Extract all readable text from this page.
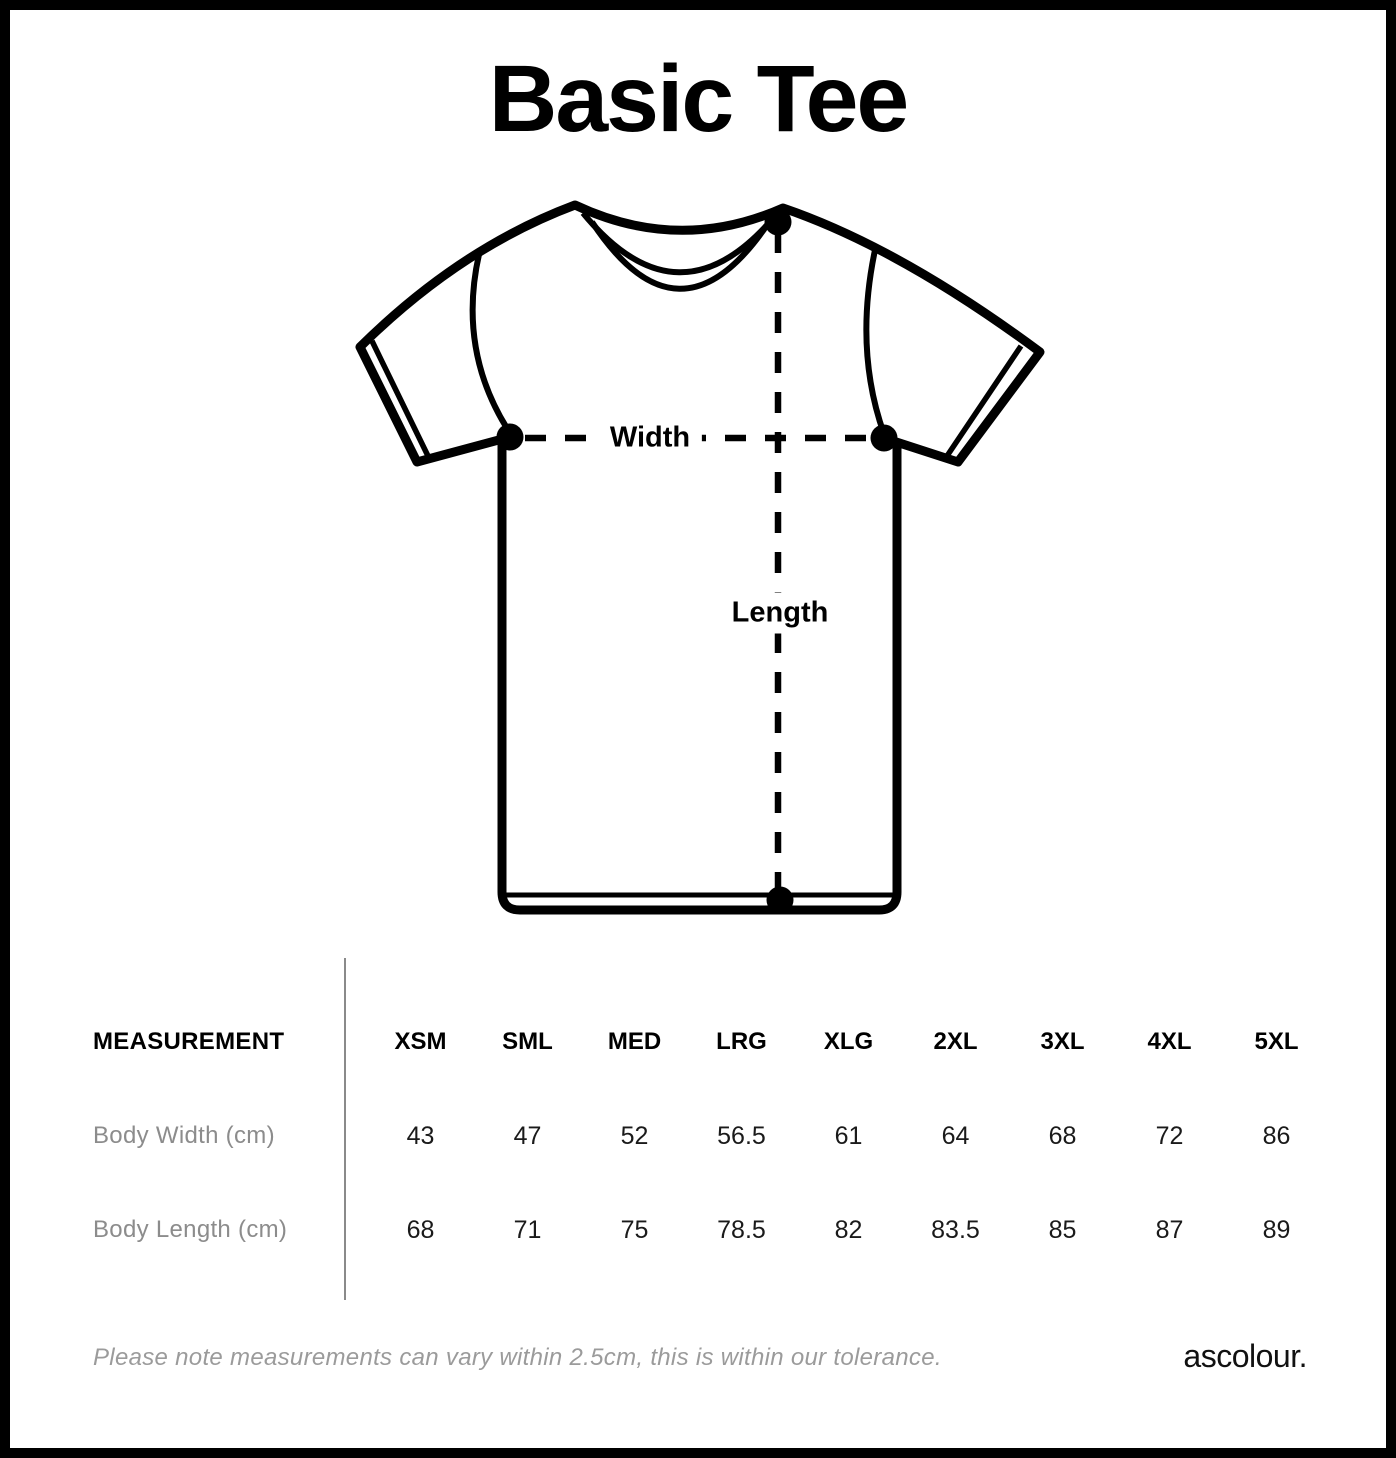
Basic Tee
Width
Length
MEASUREMENT	XSM	SML	MED	LRG	XLG	2XL	3XL	4XL	5XL
Body Width (cm)	43	47	52	56.5	61	64	68	72	86
Body Length (cm)	68	71	75	78.5	82	83.5	85	87	89
Please note measurements can vary within 2.5cm, this is within our tolerance.	ascolour.
